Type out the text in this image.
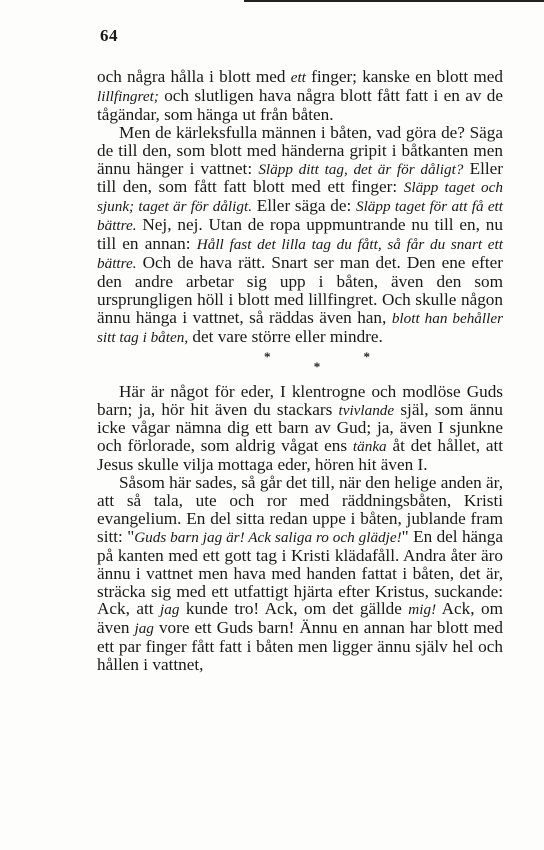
64

och några hålla i blott med ett finger; kanske en blott med lillfingret; och slutligen hava några blott fått fatt i en av de tågändar, som hänga ut från båten.

Men de kärleksfulla männen i båten, vad göra de? Säga de till den, som blott med händerna gripit i båtkanten men ännu hänger i vattnet: Släpp ditt tag, det är för dåligt? Eller till den, som fått fatt blott med ett finger: Släpp taget och sjunk; taget är för dåligt. Eller säga de: Släpp taget för att få ett bättre. Nej, nej. Utan de ropa uppmuntrande nu till en, nu till en annan: Håll fast det lilla tag du fått, så får du snart ett bättre. Och de hava rätt. Snart ser man det. Den ene efter den andre arbetar sig upp i båten, även den som ursprungligen höll i blott med lillfingret. Och skulle någon ännu hänga i vattnet, så räddas även han, blott han behåller sitt tag i båten, det vare större eller mindre.

*
*
*

Här är något för eder, I klentrogne och modlöse Guds barn; ja, hör hit även du stackars tvivlande själ, som ännu icke vågar nämna dig ett barn av Gud; ja, även I sjunkne och förlorade, som aldrig vågat ens tänka åt det hållet, att Jesus skulle vilja mottaga eder, hören hit även I.

Såsom här sades, så går det till, när den helige anden är, att så tala, ute och ror med räddningsbåten, Kristi evangelium. En del sitta redan uppe i båten, jublande fram sitt: "Guds barn jag är! Ack saliga ro och glädje!" En del hänga på kanten med ett gott tag i Kristi klädafåll. Andra åter äro ännu i vattnet men hava med handen fattat i båten, det är, sträcka sig med ett utfattigt hjärta efter Kristus, suckande: Ack, att jag kunde tro! Ack, om det gällde mig! Ack, om även jag vore ett Guds barn! Ännu en annan har blott med ett par finger fått fatt i båten men ligger ännu själv hel och hållen i vattnet,
